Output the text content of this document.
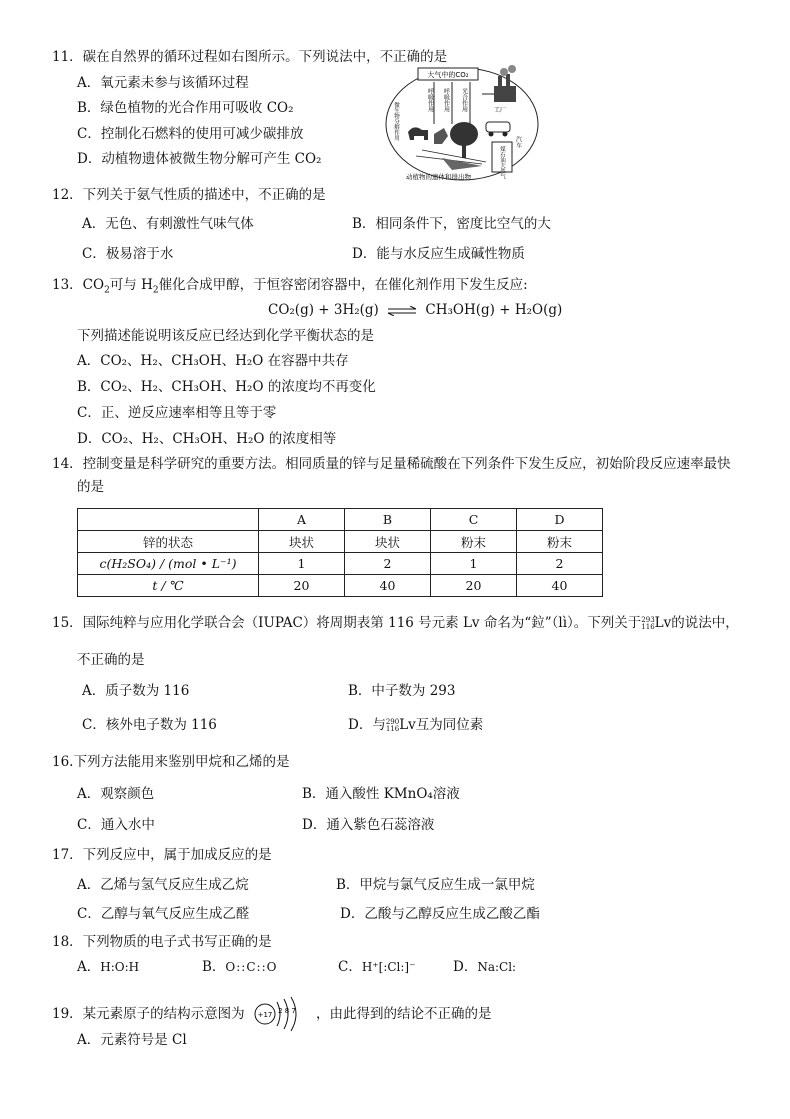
11．碳在自然界的循环过程如右图所示。下列说法中，不正确的是
A．氧元素未参与该循环过程
B．绿色植物的光合作用可吸收 CO₂
C．控制化石燃料的使用可减少碳排放
D．动植物遗体被微生物分解可产生 CO₂
大气中的CO₂
呼吸作用 呼吸作用 光合作用
微生物分解作用	工厂
汽车
煤石油天然气
动植物的遗体和排出物
12．下列关于氨气性质的描述中，不正确的是
A．无色、有刺激性气味气体	B．相同条件下，密度比空气的大
C．极易溶于水	D．能与水反应生成碱性物质
13．$CO_2$可与 $H_2$催化合成甲醇，于恒容密闭容器中，在催化剂作用下发生反应:
CO₂(g) + 3H₂(g) ⇌ CH₃OH(g) + H₂O(g)
下列描述能说明该反应已经达到化学平衡状态的是
A．CO₂、H₂、CH₃OH、H₂O 在容器中共存
B．CO₂、H₂、CH₃OH、H₂O 的浓度均不再变化
C．正、逆反应速率相等且等于零
D．CO₂、H₂、CH₃OH、H₂O 的浓度相等
14．控制变量是科学研究的重要方法。相同质量的锌与足量稀硫酸在下列条件下发生反应，初始阶段反应速率最快
的是
	A	B	C	D
锌的状态	块状	块状	粉末	粉末
c(H₂SO₄) / (mol • L⁻¹)	1	2	1	2
t / ℃	20	40	20	40
15．国际纯粹与应用化学联合会（IUPAC）将周期表第 116 号元素 Lv 命名为“鉝”（lì）。下列关于293
116Lv的说法中，
不正确的是
A．质子数为 116	B．中子数为 293
C．核外电子数为 116	D．与290
116Lv互为同位素
16.下列方法能用来鉴别甲烷和乙烯的是
A．观察颜色	B．通入酸性 KMnO₄溶液
C．通入水中	D．通入紫色石蕊溶液
17．下列反应中，属于加成反应的是
A．乙烯与氢气反应生成乙烷	B．甲烷与氯气反应生成一氯甲烷
C．乙醇与氧气反应生成乙醛	D．乙酸与乙醇反应生成乙酸乙酯
18．下列物质的电子式书写正确的是
A．H:O:H	B．O::C::O	C．H⁺[:Cl:]⁻	D．Na:Cl:
19．某元素原子的结构示意图为 +17 2 8 7 ，由此得到的结论不正确的是
A．元素符号是 Cl
